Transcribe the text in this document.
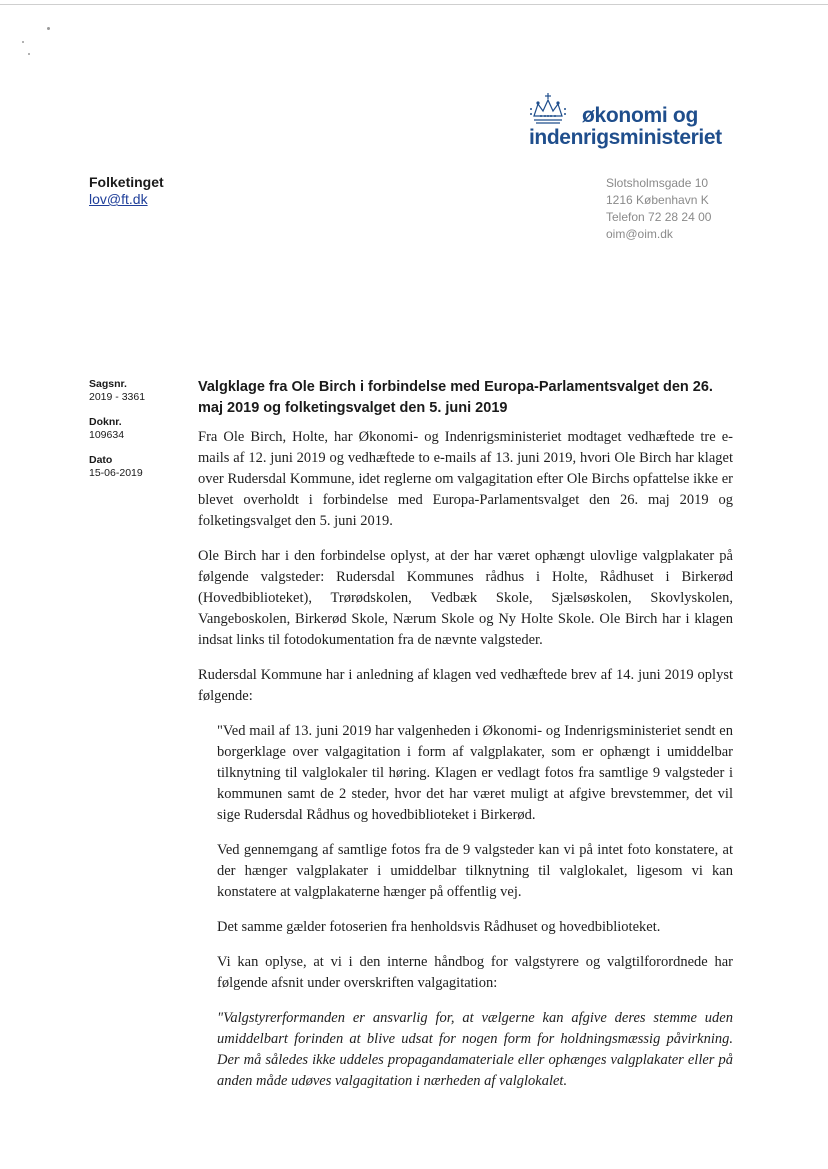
økonomi og
indenrigsministeriet
Folketinget
lov@ft.dk
Slotsholmsgade 10
1216 København K
Telefon 72 28 24 00
oim@oim.dk
Sagsnr.
2019 - 3361
Doknr.
109634
Dato
15-06-2019
Valgklage fra Ole Birch i forbindelse med Europa-Parlamentsvalget den 26. maj 2019 og folketingsvalget den 5. juni 2019

Fra Ole Birch, Holte, har Økonomi- og Indenrigsministeriet modtaget vedhæftede tre e-mails af 12. juni 2019 og vedhæftede to e-mails af 13. juni 2019, hvori Ole Birch har klaget over Rudersdal Kommune, idet reglerne om valgagitation efter Ole Birchs opfattelse ikke er blevet overholdt i forbindelse med Europa-Parlamentsvalget den 26. maj 2019 og folketingsvalget den 5. juni 2019.

Ole Birch har i den forbindelse oplyst, at der har været ophængt ulovlige valgplakater på følgende valgsteder: Rudersdal Kommunes rådhus i Holte, Rådhuset i Birkerød (Hovedbiblioteket), Trørødskolen, Vedbæk Skole, Sjælsøskolen, Skovlyskolen, Vangeboskolen, Birkerød Skole, Nærum Skole og Ny Holte Skole. Ole Birch har i klagen indsat links til fotodokumentation fra de nævnte valgsteder.

Rudersdal Kommune har i anledning af klagen ved vedhæftede brev af 14. juni 2019 oplyst følgende:

"Ved mail af 13. juni 2019 har valgenheden i Økonomi- og Indenrigsministeriet sendt en borgerklage over valgagitation i form af valgplakater, som er ophængt i umiddelbar tilknytning til valglokaler til høring. Klagen er vedlagt fotos fra samtlige 9 valgsteder i kommunen samt de 2 steder, hvor det har været muligt at afgive brevstemmer, det vil sige Rudersdal Rådhus og hovedbiblioteket i Birkerød.

Ved gennemgang af samtlige fotos fra de 9 valgsteder kan vi på intet foto konstatere, at der hænger valgplakater i umiddelbar tilknytning til valglokalet, ligesom vi kan konstatere at valgplakaterne hænger på offentlig vej.

Det samme gælder fotoserien fra henholdsvis Rådhuset og hovedbiblioteket.

Vi kan oplyse, at vi i den interne håndbog for valgstyrere og valgtilforordnede har følgende afsnit under overskriften valgagitation:

"Valgstyrerformanden er ansvarlig for, at vælgerne kan afgive deres stemme uden umiddelbart forinden at blive udsat for nogen form for holdningsmæssig påvirkning. Der må således ikke uddeles propagandamateriale eller ophænges valgplakater eller på anden måde udøves valgagitation i nærheden af valglokalet.
